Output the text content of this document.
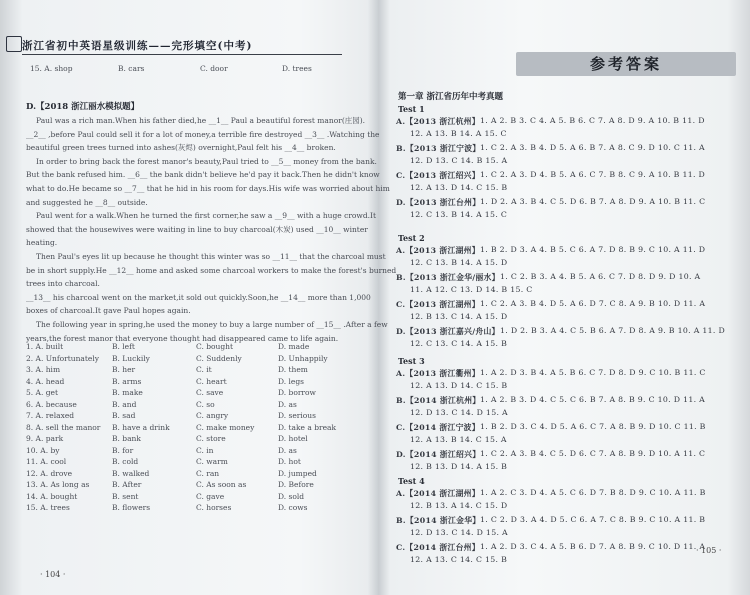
浙江省初中英语星级训练——完形填空(中考)
15. A. shop	B. cars	C. door	D. trees
D.【2018 浙江丽水模拟题】
Paul was a rich man.When his father died,he __1__ Paul a beautiful forest manor(庄园).
__2__ ,before Paul could sell it for a lot of money,a terrible fire destroyed __3__ .Watching the
beautiful green trees turned into ashes(灰烬) overnight,Paul felt his __4__ broken.
In order to bring back the forest manor's beauty,Paul tried to __5__ money from the bank.
But the bank refused him. __6__ the bank didn't believe he'd pay it back.Then he didn't know
what to do.He became so __7__ that he hid in his room for days.His wife was worried about him
and suggested he __8__ outside.
Paul went for a walk.When he turned the first corner,he saw a __9__ with a huge crowd.It
showed that the housewives were waiting in line to buy charcoal(木炭) used __10__ winter
heating.
Then Paul's eyes lit up because he thought this winter was so __11__ that the charcoal must
be in short supply.He __12__ home and asked some charcoal workers to make the forest's burned
trees into charcoal.
__13__ his charcoal went on the market,it sold out quickly.Soon,he __14__ more than 1,000
boxes of charcoal.It gave Paul hopes again.
The following year in spring,he used the money to buy a large number of __15__ .After a few
years,the forest manor that everyone thought had disappeared came to life again.
1. A. built	B. left	C. bought	D. made
2. A. Unfortunately B. Luckily	C. Suddenly	D. Unhappily
3. A. him	B. her	C. it	D. them
4. A. head	B. arms	C. heart	D. legs
5. A. get	B. make	C. save	D. borrow
6. A. because	B. and	C. so	D. as
7. A. relaxed	B. sad	C. angry	D. serious
8. A. sell the manor B. have a drink	C. make money	D. take a break
9. A. park	B. bank	C. store	D. hotel
10. A. by	B. for	C. in	D. as
11. A. cool	B. cold	C. warm	D. hot
12. A. drove	B. walked	C. ran	D. jumped
13. A. As long as	B. After	C. As soon as	D. Before
14. A. bought	B. sent	C. gave	D. sold
15. A. trees	B. flowers	C. horses	D. cows
· 104 ·
参考答案
第一章 浙江省历年中考真题
Test 1
A.【2013 浙江杭州】 1. A 2. B 3. C 4. A 5. B 6. C 7. A 8. D 9. A 10. B 11. D
12. A 13. B 14. A 15. C
B.【2013 浙江宁波】 1. C 2. A 3. B 4. D 5. A 6. B 7. A 8. C 9. D 10. C 11. A
12. D 13. C 14. B 15. A
C.【2013 浙江绍兴】 1. C 2. A 3. D 4. B 5. A 6. C 7. B 8. C 9. A 10. B 11. D
12. A 13. D 14. C 15. B
D.【2013 浙江台州】 1. D 2. A 3. B 4. C 5. D 6. B 7. A 8. D 9. A 10. B 11. C
12. C 13. B 14. A 15. C
Test 2
A.【2013 浙江湖州】 1. B 2. D 3. A 4. B 5. C 6. A 7. D 8. B 9. C 10. A 11. D
12. C 13. B 14. A 15. D
B.【2013 浙江金华/丽水】 1. C 2. B 3. A 4. B 5. A 6. C 7. D 8. D 9. D 10. A
11. A 12. C 13. D 14. B 15. C
C.【2013 浙江湖州】 1. C 2. A 3. B 4. D 5. A 6. D 7. C 8. A 9. B 10. D 11. A
12. B 13. C 14. A 15. D
D.【2013 浙江嘉兴/舟山】 1. D 2. B 3. A 4. C 5. B 6. A 7. D 8. A 9. B 10. A 11. D
12. C 13. C 14. A 15. B
Test 3
A.【2013 浙江衢州】 1. A 2. D 3. B 4. A 5. B 6. C 7. D 8. D 9. C 10. B 11. C
12. A 13. D 14. C 15. B
B.【2014 浙江杭州】 1. A 2. B 3. D 4. C 5. C 6. B 7. A 8. B 9. C 10. D 11. A
12. D 13. C 14. D 15. A
C.【2014 浙江宁波】 1. B 2. D 3. C 4. D 5. A 6. C 7. A 8. B 9. D 10. C 11. B
12. A 13. B 14. C 15. A
D.【2014 浙江绍兴】 1. C 2. A 3. B 4. C 5. D 6. C 7. A 8. B 9. D 10. A 11. C
12. B 13. D 14. A 15. B
Test 4
A.【2014 浙江湖州】 1. A 2. C 3. D 4. A 5. C 6. D 7. B 8. D 9. C 10. A 11. B
12. B 13. A 14. C 15. D
B.【2014 浙江金华】 1. C 2. D 3. A 4. D 5. C 6. A 7. C 8. B 9. C 10. A 11. B
12. D 13. C 14. D 15. A
C.【2014 浙江台州】 1. A 2. D 3. C 4. A 5. B 6. D 7. A 8. B 9. C 10. D 11. A
12. A 13. C 14. C 15. B
· 105 ·
